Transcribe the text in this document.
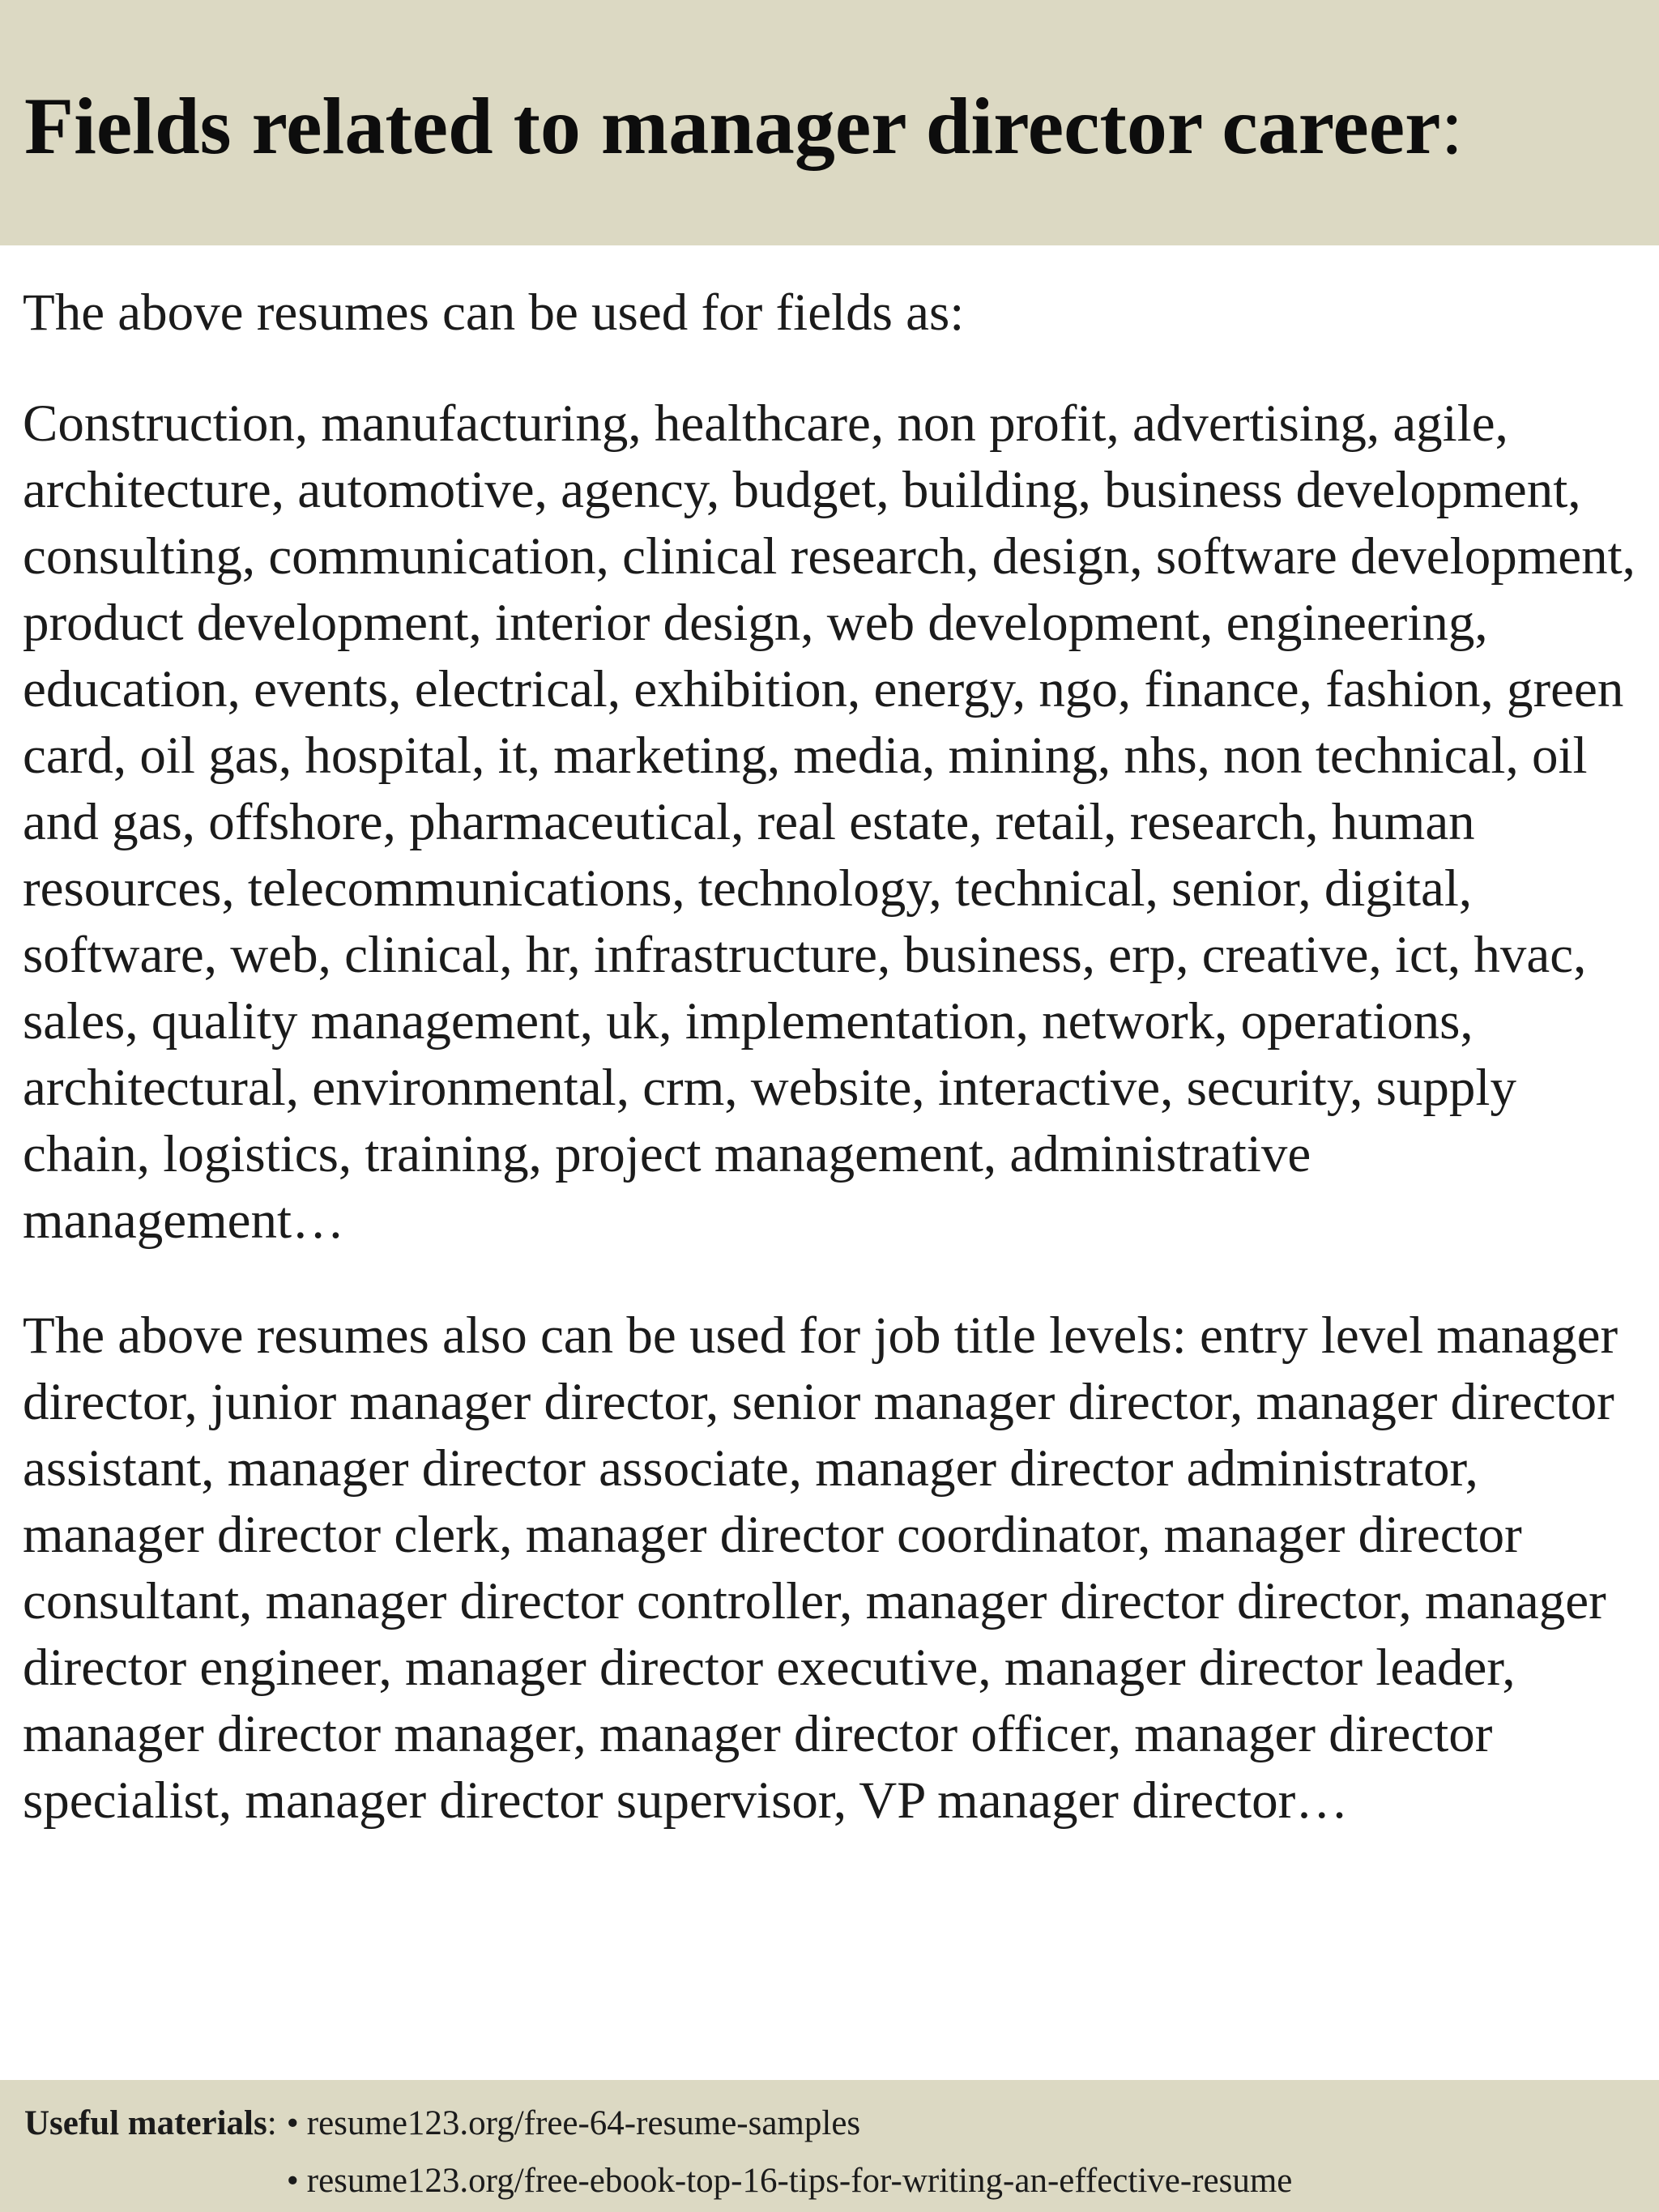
Fields related to manager director career:

The above resumes can be used for fields as:

Construction, manufacturing, healthcare, non profit, advertising, agile, architecture, automotive, agency, budget, building, business development, consulting, communication, clinical research, design, software development, product development, interior design, web development, engineering, education, events, electrical, exhibition, energy, ngo, finance, fashion, green card, oil gas, hospital, it, marketing, media, mining, nhs, non technical, oil and gas, offshore, pharmaceutical, real estate, retail, research, human resources, telecommunications, technology, technical, senior, digital, software, web, clinical, hr, infrastructure, business, erp, creative, ict, hvac, sales, quality management, uk, implementation, network, operations, architectural, environmental, crm, website, interactive, security, supply chain, logistics, training, project management, administrative management…

The above resumes also can be used for job title levels: entry level manager director, junior manager director, senior manager director, manager director assistant, manager director associate, manager director administrator, manager director clerk, manager director coordinator, manager director consultant, manager director controller, manager director director, manager director engineer, manager director executive, manager director leader, manager director manager, manager director officer, manager director specialist, manager director supervisor, VP manager director…

Useful materials: • resume123.org/free-64-resume-samples
• resume123.org/free-ebook-top-16-tips-for-writing-an-effective-resume
